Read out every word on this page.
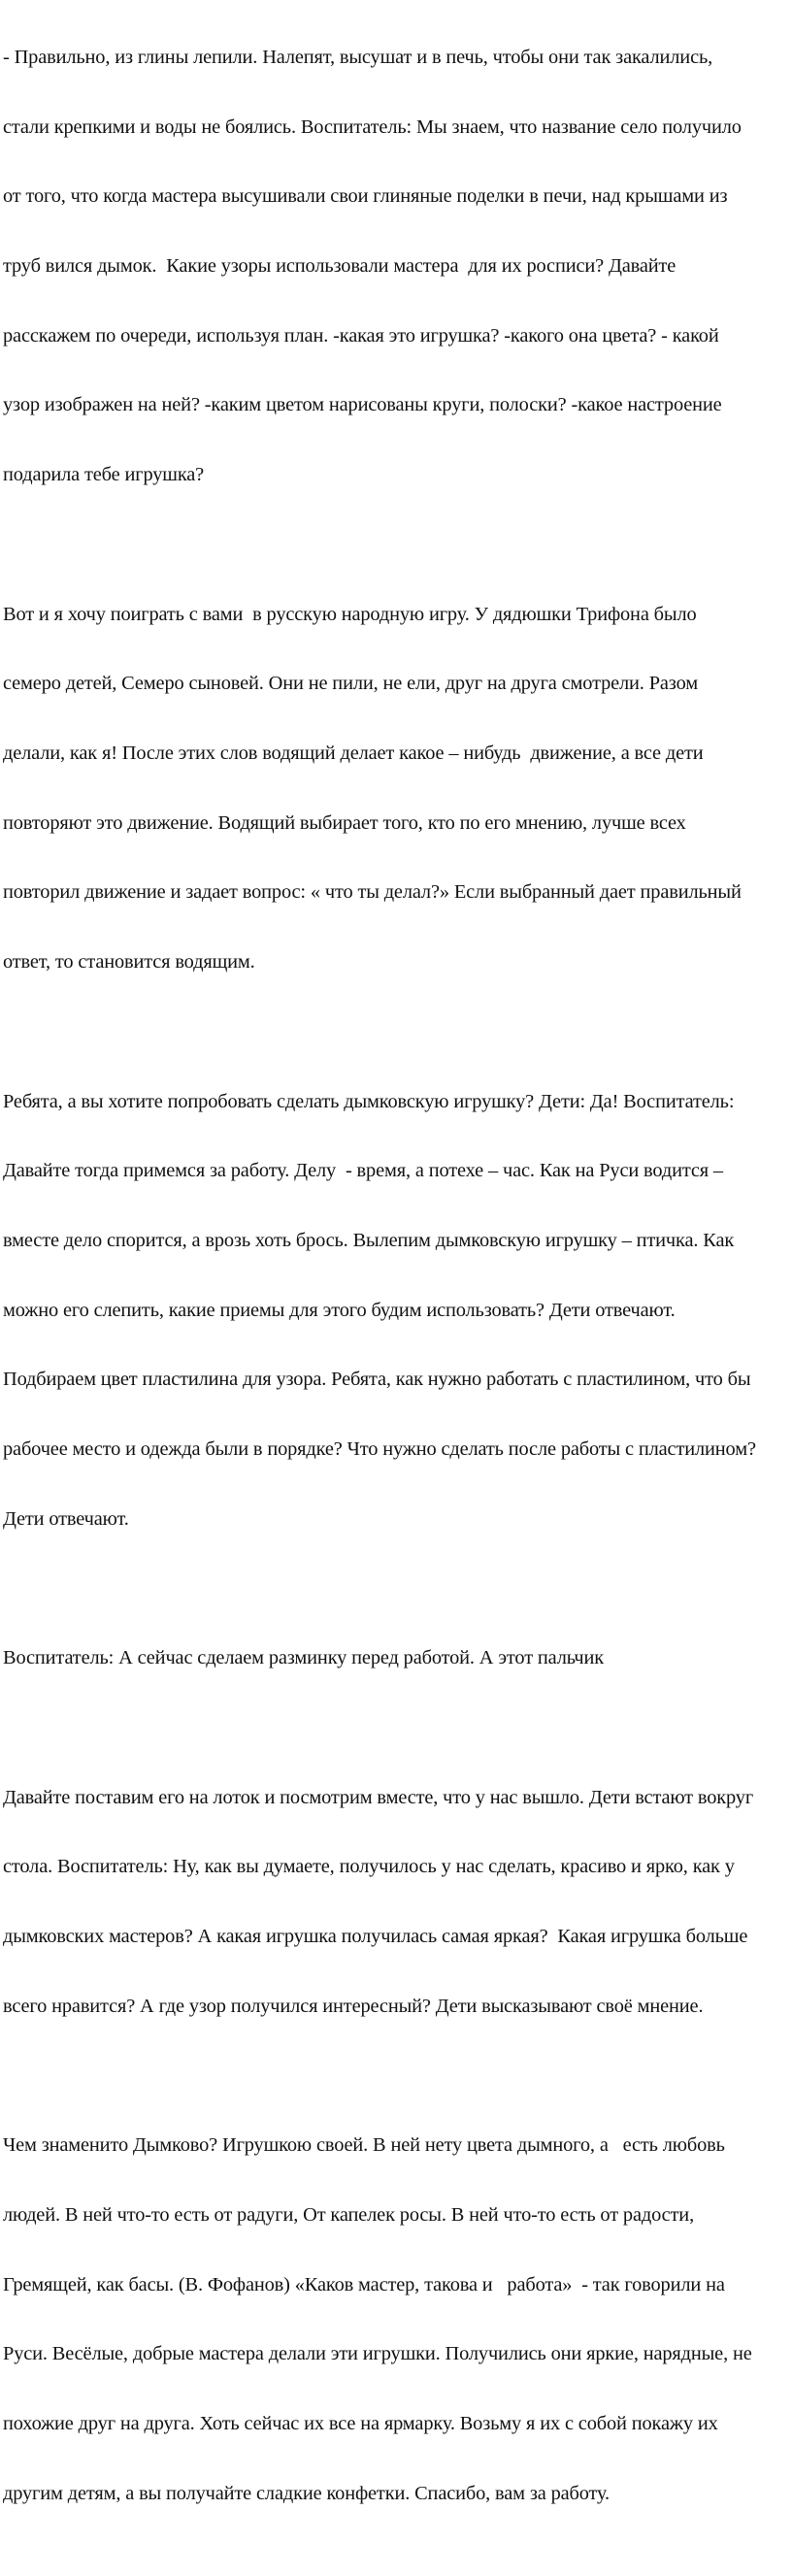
- Правильно, из глины лепили. Налепят, высушат и в печь, чтобы они так закалились,

стали крепкими и воды не боялись. Воспитатель: Мы знаем, что название село получило

от того, что когда мастера высушивали свои глиняные поделки в печи, над крышами из

труб вился дымок.  Какие узоры использовали мастера  для их росписи? Давайте

расскажем по очереди, используя план. -какая это игрушка? -какого она цвета? - какой

узор изображен на ней? -каким цветом нарисованы круги, полоски? -какое настроение

подарила тебе игрушка?

Вот и я хочу поиграть с вами  в русскую народную игру. У дядюшки Трифона было

семеро детей, Семеро сыновей. Они не пили, не ели, друг на друга смотрели. Разом

делали, как я! После этих слов водящий делает какое – нибудь  движение, а все дети

повторяют это движение. Водящий выбирает того, кто по его мнению, лучше всех

повторил движение и задает вопрос: « что ты делал?» Если выбранный дает правильный

ответ, то становится водящим.

Ребята, а вы хотите попробовать сделать дымковскую игрушку? Дети: Да! Воспитатель:

Давайте тогда примемся за работу. Делу  - время, а потехе – час. Как на Руси водится –

вместе дело спорится, а врозь хоть брось. Вылепим дымковскую игрушку – птичка. Как

можно его слепить, какие приемы для этого будим использовать? Дети отвечают.

Подбираем цвет пластилина для узора. Ребята, как нужно работать с пластилином, что бы

рабочее место и одежда были в порядке? Что нужно сделать после работы с пластилином?

Дети отвечают.

Воспитатель: А сейчас сделаем разминку перед работой. А этот пальчик

Давайте поставим его на лоток и посмотрим вместе, что у нас вышло. Дети встают вокруг

стола. Воспитатель: Ну, как вы думаете, получилось у нас сделать, красиво и ярко, как у

дымковских мастеров? А какая игрушка получилась самая яркая?  Какая игрушка больше

всего нравится? А где узор получился интересный? Дети высказывают своё мнение.

Чем знаменито Дымково? Игрушкою своей. В ней нету цвета дымного, а   есть любовь

людей. В ней что-то есть от радуги, От капелек росы. В ней что-то есть от радости,

Гремящей, как басы. (В. Фофанов) «Каков мастер, такова и   работа»  - так говорили на

Руси. Весёлые, добрые мастера делали эти игрушки. Получились они яркие, нарядные, не

похожие друг на друга. Хоть сейчас их все на ярмарку. Возьму я их с собой покажу их

другим детям, а вы получайте сладкие конфетки. Спасибо, вам за работу.
